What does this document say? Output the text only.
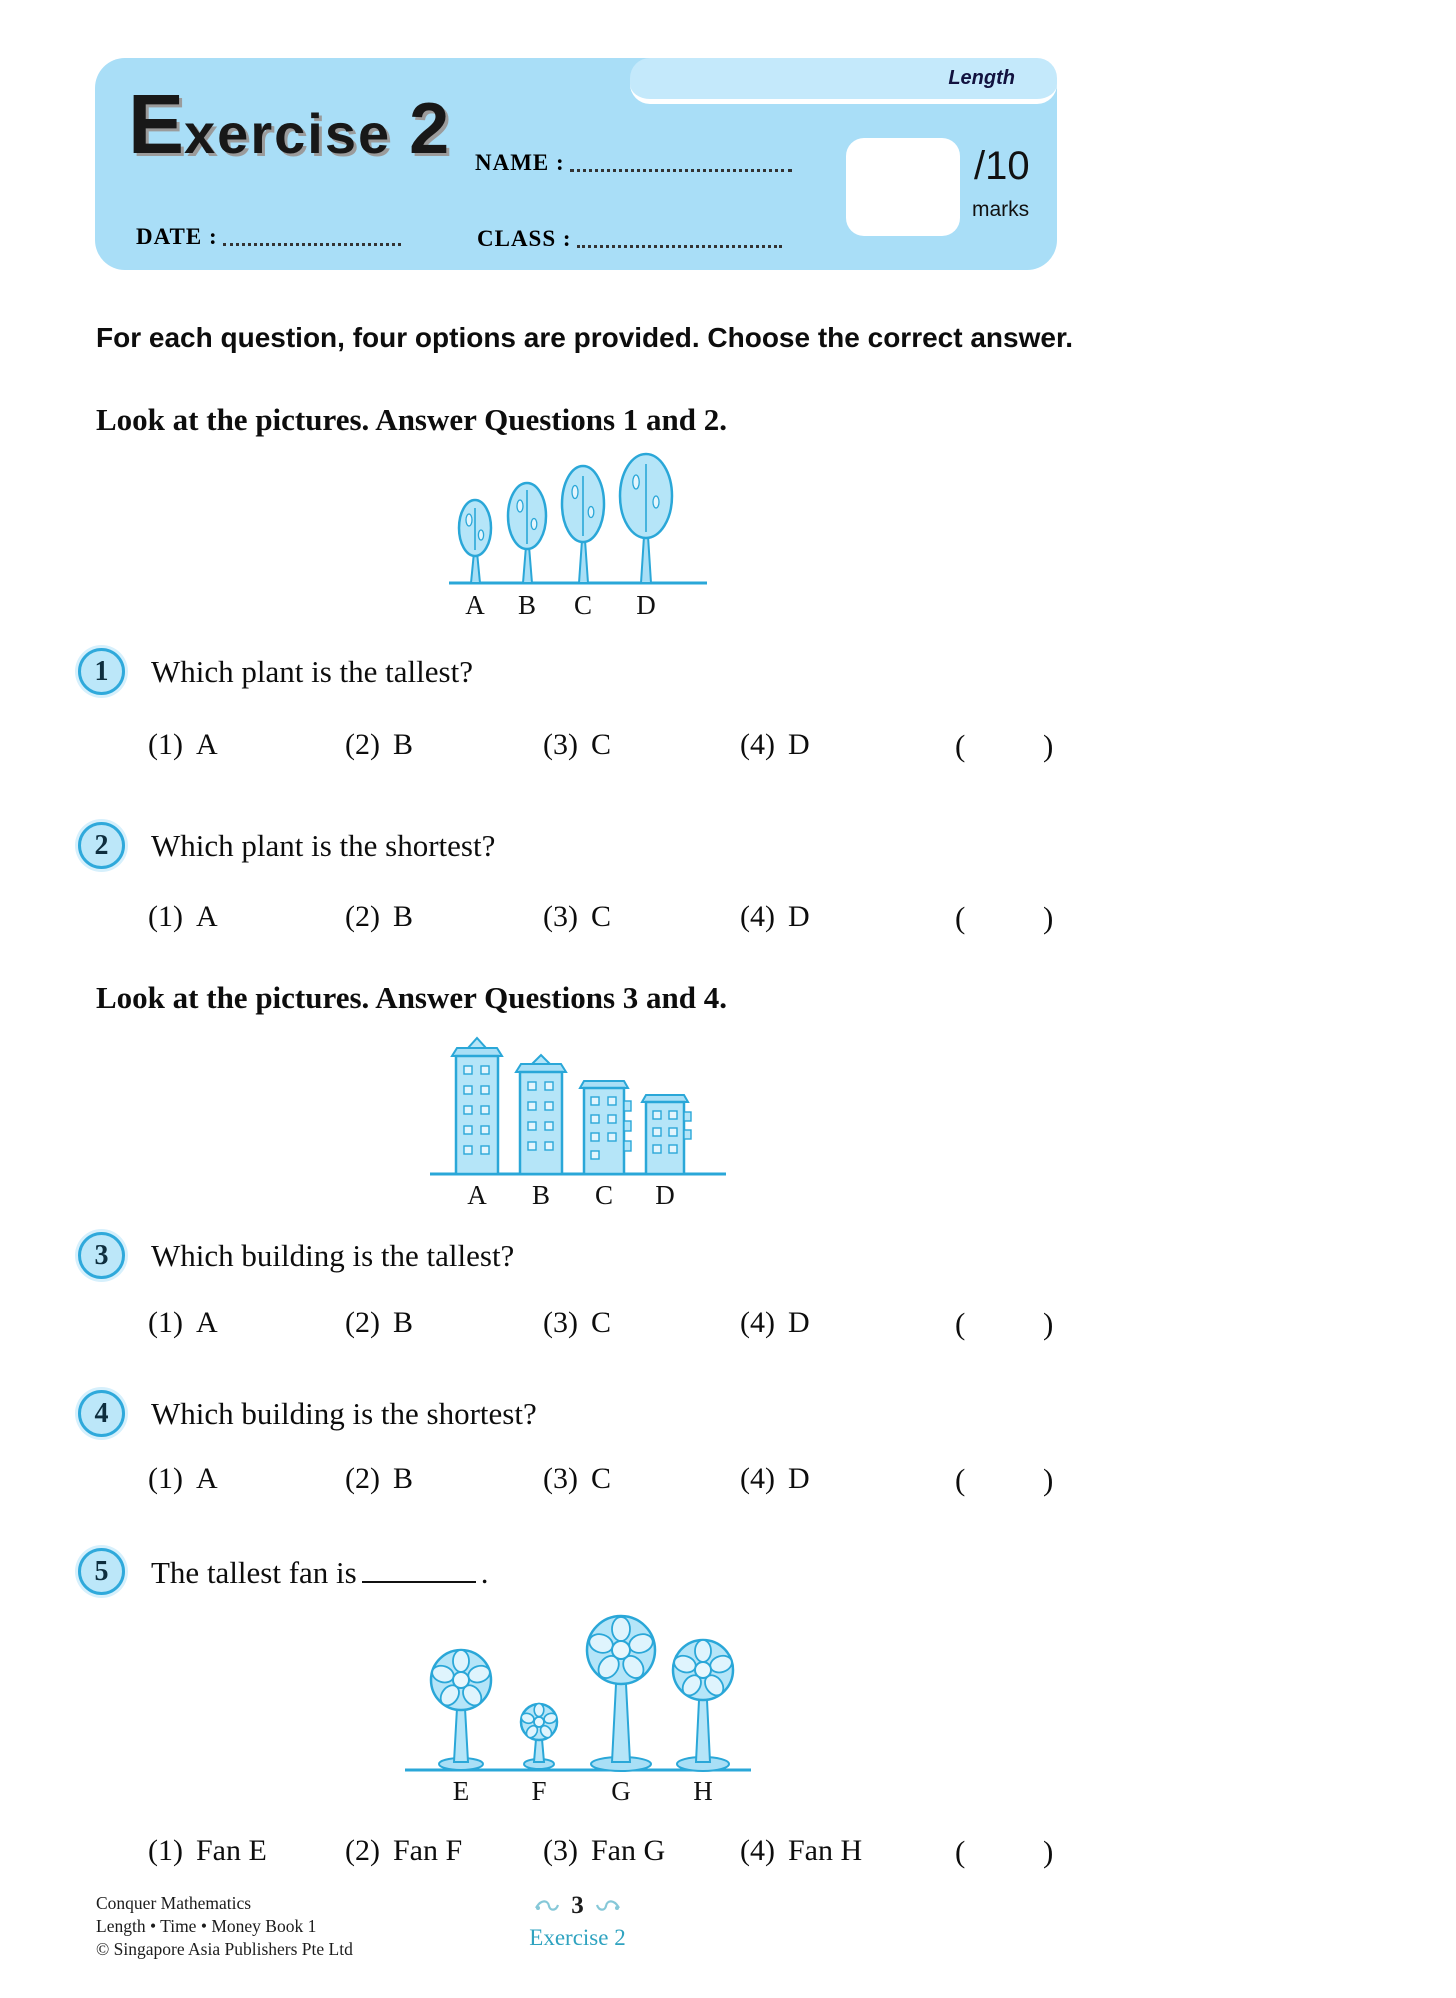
E xercise 2 NAME :	/10
marks
DATE :	CLASS :
Length
For each question, four options are provided. Choose the correct answer.
Look at the pictures. Answer Questions 1 and 2.
A B C D
1	Which plant is the tallest?
(1) A	(2) B	(3) C	(4) D	(	)
2	Which plant is the shortest?
(1) A	(2) B	(3) C	(4) D	(	)
Look at the pictures. Answer Questions 3 and 4.
A B C D
3	Which building is the tallest?
(1) A	(2) B	(3) C	(4) D	(	)
4	Which building is the shortest?
(1) A	(2) B	(3) C	(4) D	(	)
5	The tallest fan is	.
E F G H
(1) Fan E	(2) Fan F	(3) Fan G (4) Fan H	(	)
Conquer Mathematics
Length • Time • Money Book 1
© Singapore Asia Publishers Pte Ltd
3
Exercise 2
